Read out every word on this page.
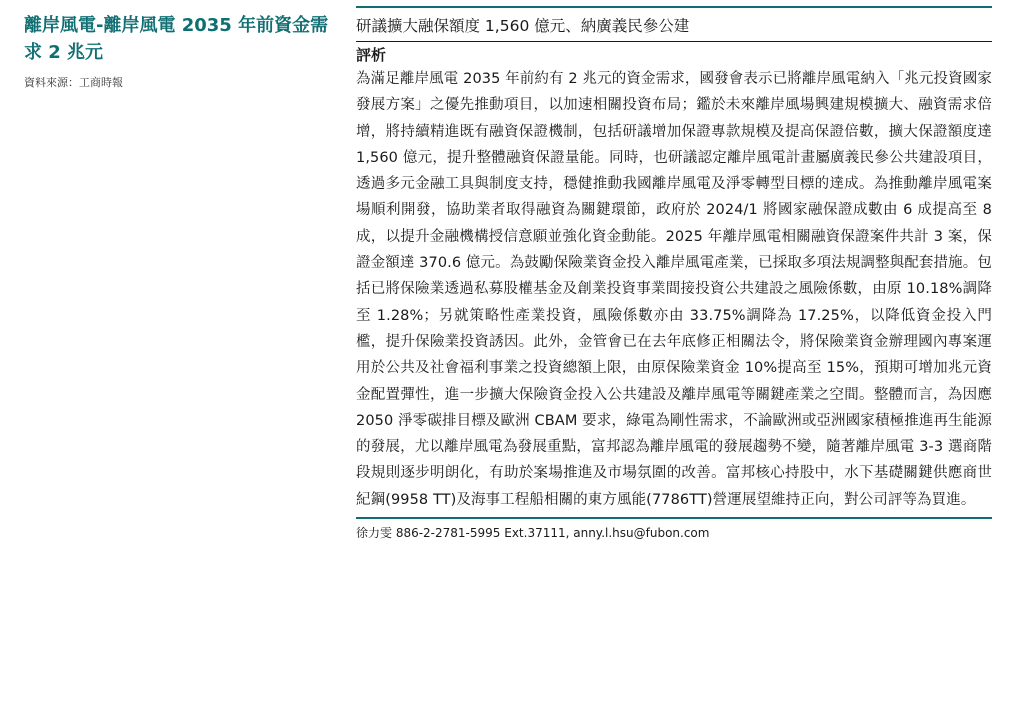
離岸風電-離岸風電 2035 年前資金需求 2 兆元
資料來源：工商時報
研議擴大融保額度 1,560 億元、納廣義民參公建
評析

為滿足離岸風電 2035 年前約有 2 兆元的資金需求，國發會表示已將離岸風電納入「兆元投資國家發展方案」之優先推動項目，以加速相關投資布局；鑑於未來離岸風場興建規模擴大、融資需求倍增，將持續精進既有融資保證機制，包括研議增加保證專款規模及提高保證倍數，擴大保證額度達 1,560 億元，提升整體融資保證量能。同時，也研議認定離岸風電計畫屬廣義民參公共建設項目，透過多元金融工具與制度支持，穩健推動我國離岸風電及淨零轉型目標的達成。為推動離岸風電案場順利開發，協助業者取得融資為關鍵環節，政府於 2024/1 將國家融保證成數由 6 成提高至 8 成，以提升金融機構授信意願並強化資金動能。2025 年離岸風電相關融資保證案件共計 3 案，保證金額達 370.6 億元。為鼓勵保險業資金投入離岸風電產業，已採取多項法規調整與配套措施。包括已將保險業透過私募股權基金及創業投資事業間接投資公共建設之風險係數，由原 10.18%調降至 1.28%；另就策略性產業投資，風險係數亦由 33.75%調降為 17.25%，以降低資金投入門檻，提升保險業投資誘因。此外，金管會已在去年底修正相關法令，將保險業資金辦理國內專案運用於公共及社會福利事業之投資總額上限，由原保險業資金 10%提高至 15%，預期可增加兆元資金配置彈性，進一步擴大保險資金投入公共建設及離岸風電等關鍵產業之空間。整體而言，為因應 2050 淨零碳排目標及歐洲 CBAM 要求，綠電為剛性需求，不論歐洲或亞洲國家積極推進再生能源的發展，尤以離岸風電為發展重點，富邦認為離岸風電的發展趨勢不變，隨著離岸風電 3-3 選商階段規則逐步明朗化，有助於案場推進及市場氛圍的改善。富邦核心持股中，水下基礎關鍵供應商世紀鋼(9958 TT)及海事工程船相關的東方風能(7786TT)營運展望維持正向，對公司評等為買進。

徐力雯 886-2-2781-5995 Ext.37111, anny.l.hsu@fubon.com
